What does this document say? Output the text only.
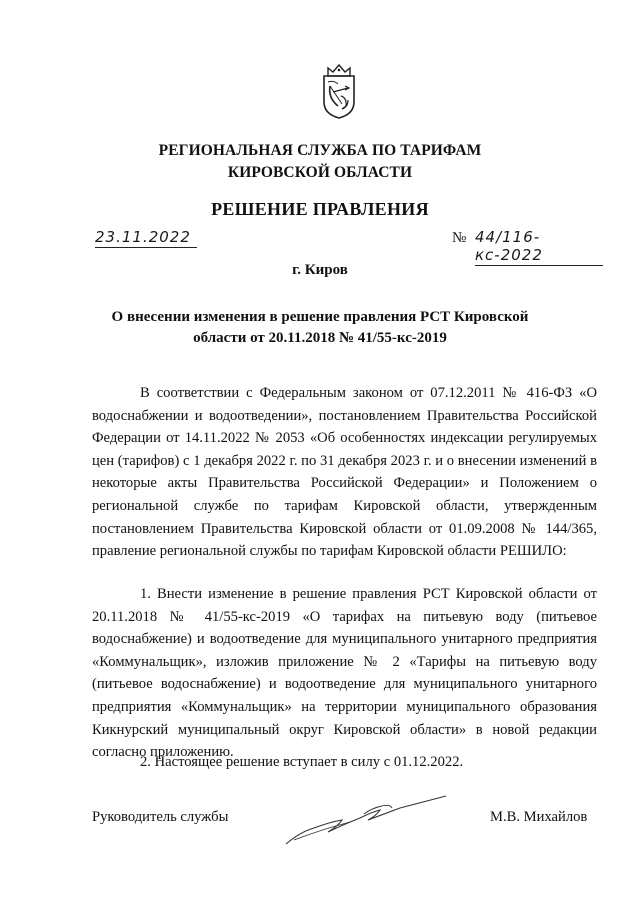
РЕГИОНАЛЬНАЯ СЛУЖБА ПО ТАРИФАМ
КИРОВСКОЙ ОБЛАСТИ
РЕШЕНИЕ ПРАВЛЕНИЯ
23.11.2022	№ 44/116-кс-2022
г. Киров
О внесении изменения в решение правления РСТ Кировской
области от 20.11.2018 № 41/55-кс-2019

В соответствии с Федеральным законом от 07.12.2011 № 416-ФЗ «О водоснабжении и водоотведении», постановлением Правительства Российской Федерации от 14.11.2022 № 2053 «Об особенностях индексации регулируемых цен (тарифов) с 1 декабря 2022 г. по 31 декабря 2023 г. и о внесении изменений в некоторые акты Правительства Российской Федерации» и Положением о региональной службе по тарифам Кировской области, утвержденным постановлением Правительства Кировской области от 01.09.2008 № 144/365, правление региональной службы по тарифам Кировской области РЕШИЛО:

1. Внести изменение в решение правления РСТ Кировской области от 20.11.2018 № 41/55-кс-2019 «О тарифах на питьевую воду (питьевое водоснабжение) и водоотведение для муниципального унитарного предприятия «Коммунальщик», изложив приложение № 2 «Тарифы на питьевую воду (питьевое водоснабжение) и водоотведение для муниципального унитарного предприятия «Коммунальщик» на территории муниципального образования Кикнурский муниципальный округ Кировской области» в новой редакции согласно приложению.

2. Настоящее решение вступает в силу с 01.12.2022.

Руководитель службы	М.В. Михайлов
